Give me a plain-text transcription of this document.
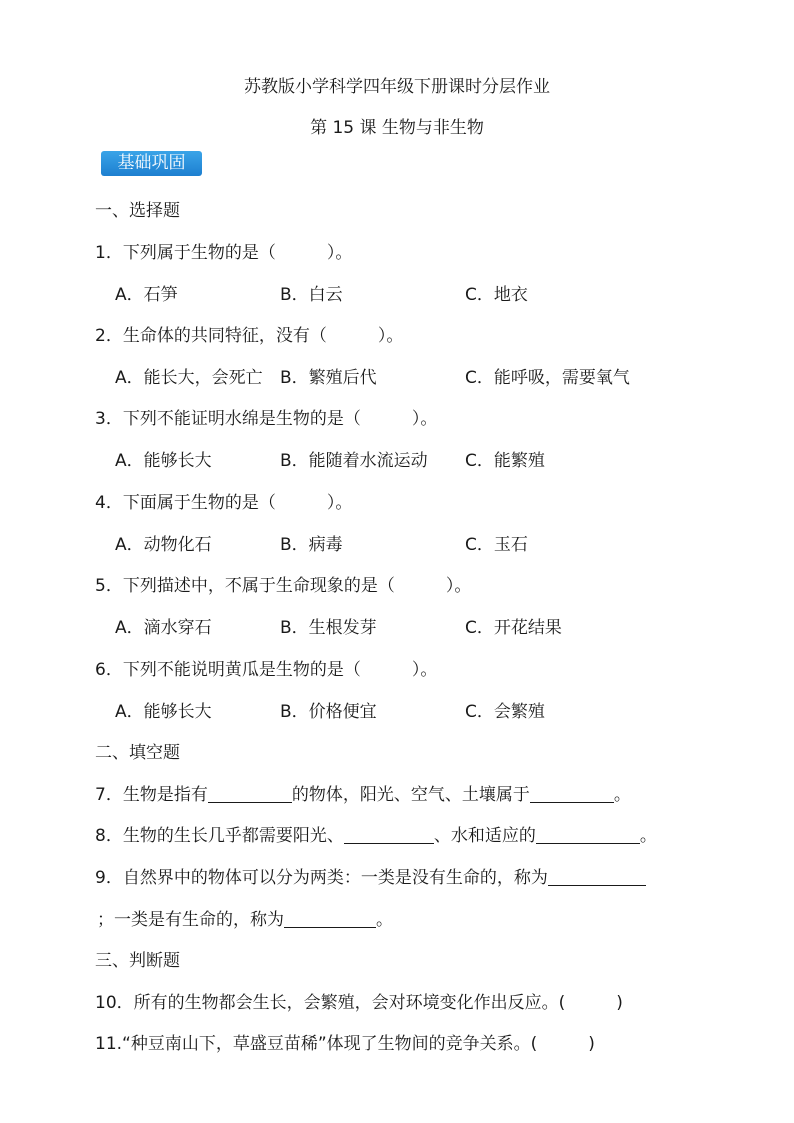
苏教版小学科学四年级下册课时分层作业
第 15 课 生物与非生物
基础巩固
一、选择题
1．下列属于生物的是（　　　）。
A．石笋	B．白云	C．地衣
2．生命体的共同特征，没有（　　　）。
A．能长大，会死亡 B．繁殖后代	C．能呼吸，需要氧气
3．下列不能证明水绵是生物的是（　　　）。
A．能够长大	B．能随着水流运动 C．能繁殖
4．下面属于生物的是（　　　）。
A．动物化石	B．病毒	C．玉石
5．下列描述中，不属于生命现象的是（　　　）。
A．滴水穿石	B．生根发芽	C．开花结果
6．下列不能说明黄瓜是生物的是（　　　）。
A．能够长大	B．价格便宜	C．会繁殖
二、填空题
7．生物是指有	的物体，阳光、空气、土壤属于	。
8．生物的生长几乎都需要阳光、	、水和适应的	。
9．自然界中的物体可以分为两类：一类是没有生命的，称为
；一类是有生命的，称为	。
三、判断题
10．所有的生物都会生长，会繁殖，会对环境变化作出反应。(　　　)
11.“种豆南山下，草盛豆苗稀”体现了生物间的竞争关系。(　　　)
